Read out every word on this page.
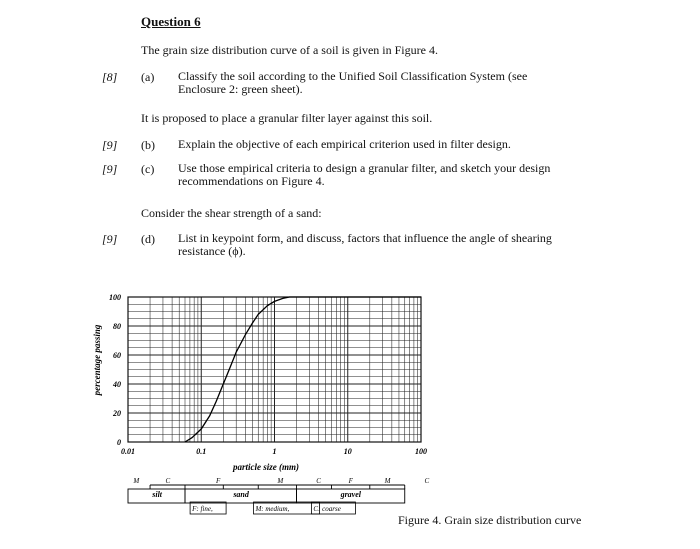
Question 6
The grain size distribution curve of a soil is given in Figure 4.
[8] (a) Classify the soil according to the Unified Soil Classification System (see
Enclosure 2: green sheet).
It is proposed to place a granular filter layer against this soil.
[9] (b) Explain the objective of each empirical criterion used in filter design.
[9] (c) Use those empirical criteria to design a granular filter, and sketch your design
recommendations on Figure 4.
Consider the shear strength of a sand:
[9] (d) List in keypoint form, and discuss, factors that influence the angle of shearing
resistance (ϕ).
0
20
40
60
80
100
0.01	0.1	1	10	100
percentage passing
particle size (mm)
M	C	F	M	C	F	M	C
silt	sand	gravel
F: fine,	M: medium,	C: coarse
Figure 4. Grain size distribution curve
